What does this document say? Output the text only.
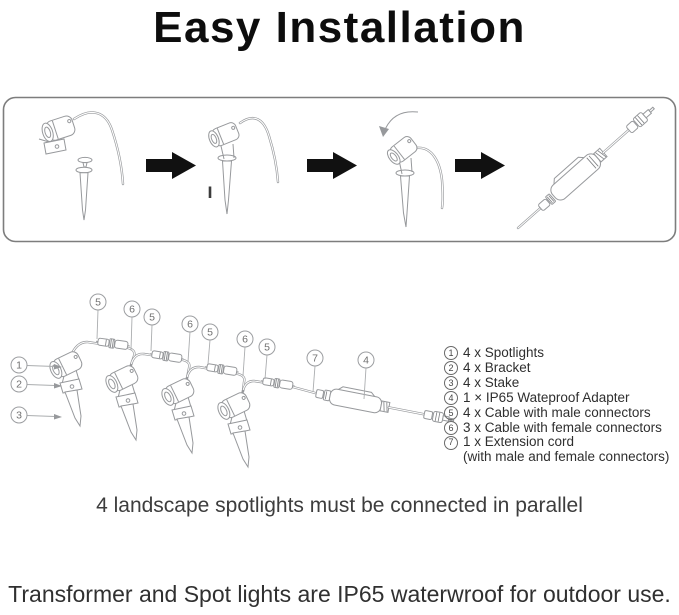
Easy Installation
5
6
5
6
5
6
5
7	4
1
2
3
1 4 x Spotlights
2 4 x Bracket
3 4 x Stake
4 1 × IP65 Wateproof Adapter
5 4 x Cable with male connectors
6 3 x Cable with female connectors
7 1 x Extension cord
(with male and female connectors)

4 landscape spotlights must be connected in parallel

Transformer and Spot lights are IP65 waterwroof for outdoor use.
